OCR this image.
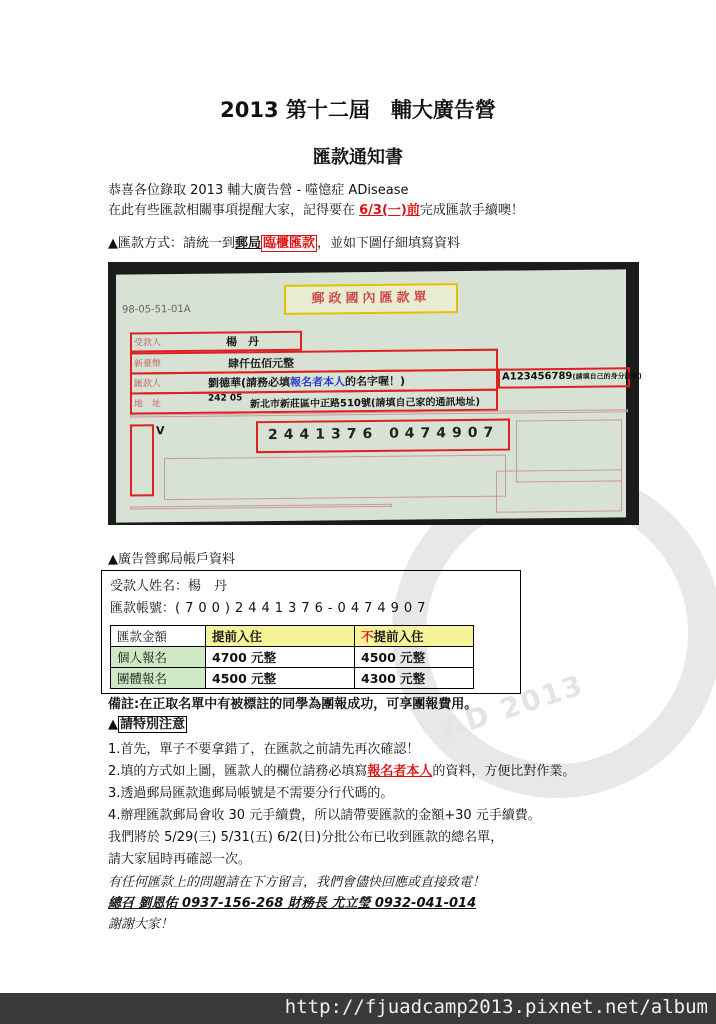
AD 2013
2013 第十二屆　輔大廣告營
匯款通知書
恭喜各位錄取 2013 輔大廣告營 - 噬憶症 ADisease
在此有些匯款相關事項提醒大家，記得要在 6/3(一)前完成匯款手續噢！
▲匯款方式：請統一到郵局 臨櫃匯款 ，並如下圖仔細填寫資料
98-05-51-01A
郵政國內匯款單
受款人	楊　丹
新臺幣	肆仟伍佰元整
匯款人	劉德華(請務必填報名者本人的名字喔！)	A123456789(請填自己的身分證號)
地　址
242 05 新北市新莊區中正路510號(請填自己家的通訊地址)
V	2441376 0474907
▲廣告營郵局帳戶資料
受款人姓名：楊　丹
匯款帳號：(700)2441376-0474907
匯款金額	提前入住	不提前入住
個人報名	4700 元整	4500 元整
團體報名	4500 元整	4300 元整
備註:在正取名單中有被標註的同學為團報成功，可享團報費用。
▲ 請特別注意
1.首先，單子不要拿錯了，在匯款之前請先再次確認！
2.填的方式如上圖，匯款人的欄位請務必填寫報名者本人的資料，方便比對作業。
3.透過郵局匯款進郵局帳號是不需要分行代碼的。
4.辦理匯款郵局會收 30 元手續費，所以請帶要匯款的金額+30 元手續費。
我們將於 5/29(三) 5/31(五) 6/2(日)分批公布已收到匯款的總名單，
請大家屆時再確認一次。
有任何匯款上的問題請在下方留言，我們會儘快回應或直接致電！
總召 劉恩佑 0937-156-268 財務長 尤立瑩 0932-041-014
謝謝大家！
http://fjuadcamp2013.pixnet.net/album
